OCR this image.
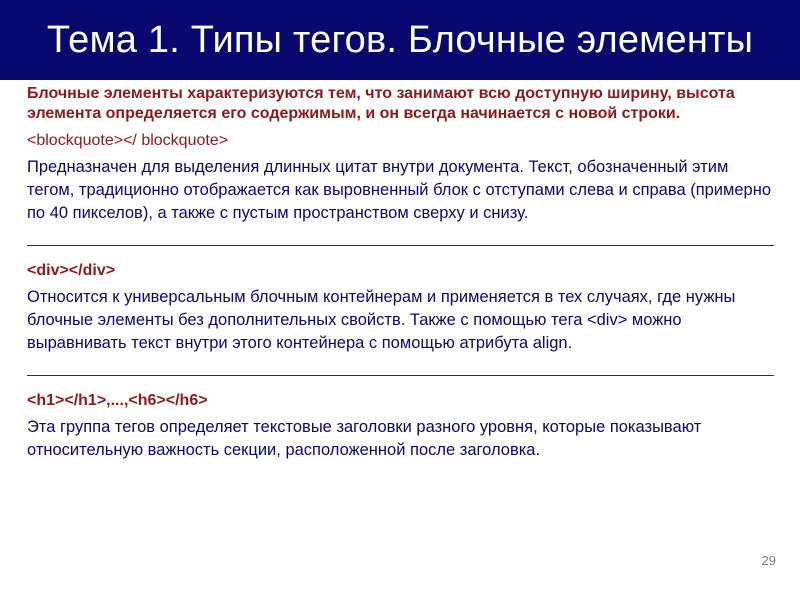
Тема 1. Типы тегов. Блочные элементы

Блочные элементы характеризуются тем, что занимают всю доступную ширину, высота элемента определяется его содержимым, и он всегда начинается с новой строки.

<blockquote></ blockquote>

Предназначен для выделения длинных цитат внутри документа. Текст, обозначенный этим тегом, традиционно отображается как выровненный блок с отступами слева и справа (примерно по 40 пикселов), а также с пустым пространством сверху и снизу.

<div></div>

Относится к универсальным блочным контейнерам и применяется в тех случаях, где нужны блочные элементы без дополнительных свойств. Также с помощью тега <div> можно выравнивать текст внутри этого контейнера с помощью атрибута align.

<h1></h1>,...,<h6></h6>

Эта группа тегов определяет текстовые заголовки разного уровня, которые показывают относительную важность секции, расположенной после заголовка.

29
